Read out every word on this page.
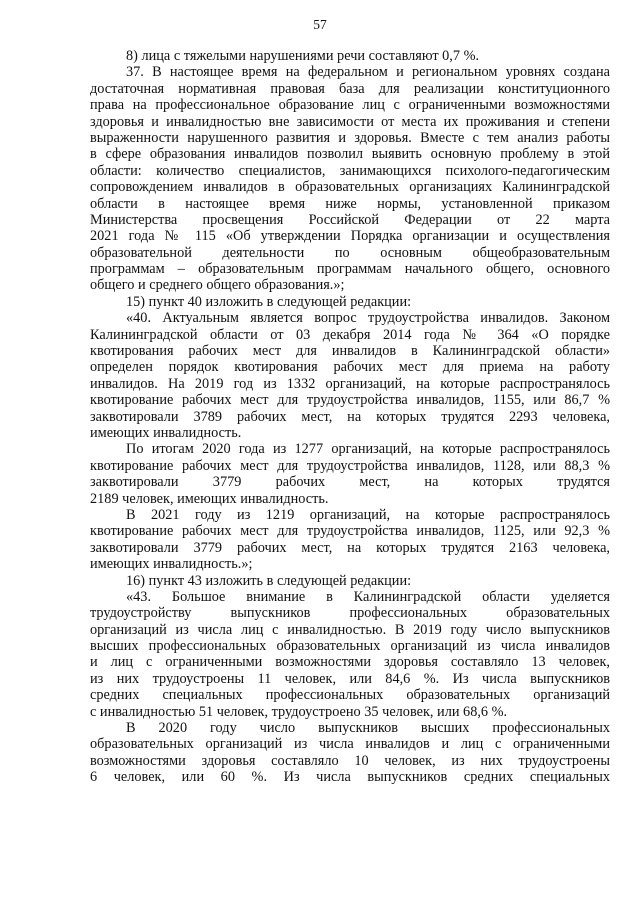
57
8) лица с тяжелыми нарушениями речи составляют 0,7 %.
37. В настоящее время на федеральном и региональном уровнях создана
достаточная нормативная правовая база для реализации конституционного
права на профессиональное образование лиц с ограниченными возможностями
здоровья и инвалидностью вне зависимости от места их проживания и степени
выраженности нарушенного развития и здоровья. Вместе с тем анализ работы
в сфере образования инвалидов позволил выявить основную проблему в этой
области: количество специалистов, занимающихся психолого-педагогическим
сопровождением инвалидов в образовательных организациях Калининградской
области в настоящее время ниже нормы, установленной приказом
Министерства просвещения Российской Федерации от 22 марта
2021 года № 115 «Об утверждении Порядка организации и осуществления
образовательной деятельности по основным общеобразовательным
программам – образовательным программам начального общего, основного
общего и среднего общего образования.»;
15) пункт 40 изложить в следующей редакции:
«40. Актуальным является вопрос трудоустройства инвалидов. Законом
Калининградской области от 03 декабря 2014 года № 364 «О порядке
квотирования рабочих мест для инвалидов в Калининградской области»
определен порядок квотирования рабочих мест для приема на работу
инвалидов. На 2019 год из 1332 организаций, на которые распространялось
квотирование рабочих мест для трудоустройства инвалидов, 1155, или 86,7 %
заквотировали 3789 рабочих мест, на которых трудятся 2293 человека,
имеющих инвалидность.
По итогам 2020 года из 1277 организаций, на которые распространялось
квотирование рабочих мест для трудоустройства инвалидов, 1128, или 88,3 %
заквотировали 3779 рабочих мест, на которых трудятся
2189 человек, имеющих инвалидность.
В 2021 году из 1219 организаций, на которые распространялось
квотирование рабочих мест для трудоустройства инвалидов, 1125, или 92,3 %
заквотировали 3779 рабочих мест, на которых трудятся 2163 человека,
имеющих инвалидность.»;
16) пункт 43 изложить в следующей редакции:
«43. Большое внимание в Калининградской области уделяется
трудоустройству выпускников профессиональных образовательных
организаций из числа лиц с инвалидностью. В 2019 году число выпускников
высших профессиональных образовательных организаций из числа инвалидов
и лиц с ограниченными возможностями здоровья составляло 13 человек,
из них трудоустроены 11 человек, или 84,6 %. Из числа выпускников
средних специальных профессиональных образовательных организаций
с инвалидностью 51 человек, трудоустроено 35 человек, или 68,6 %.
В 2020 году число выпускников высших профессиональных
образовательных организаций из числа инвалидов и лиц с ограниченными
возможностями здоровья составляло 10 человек, из них трудоустроены
6 человек, или 60 %. Из числа выпускников средних специальных
